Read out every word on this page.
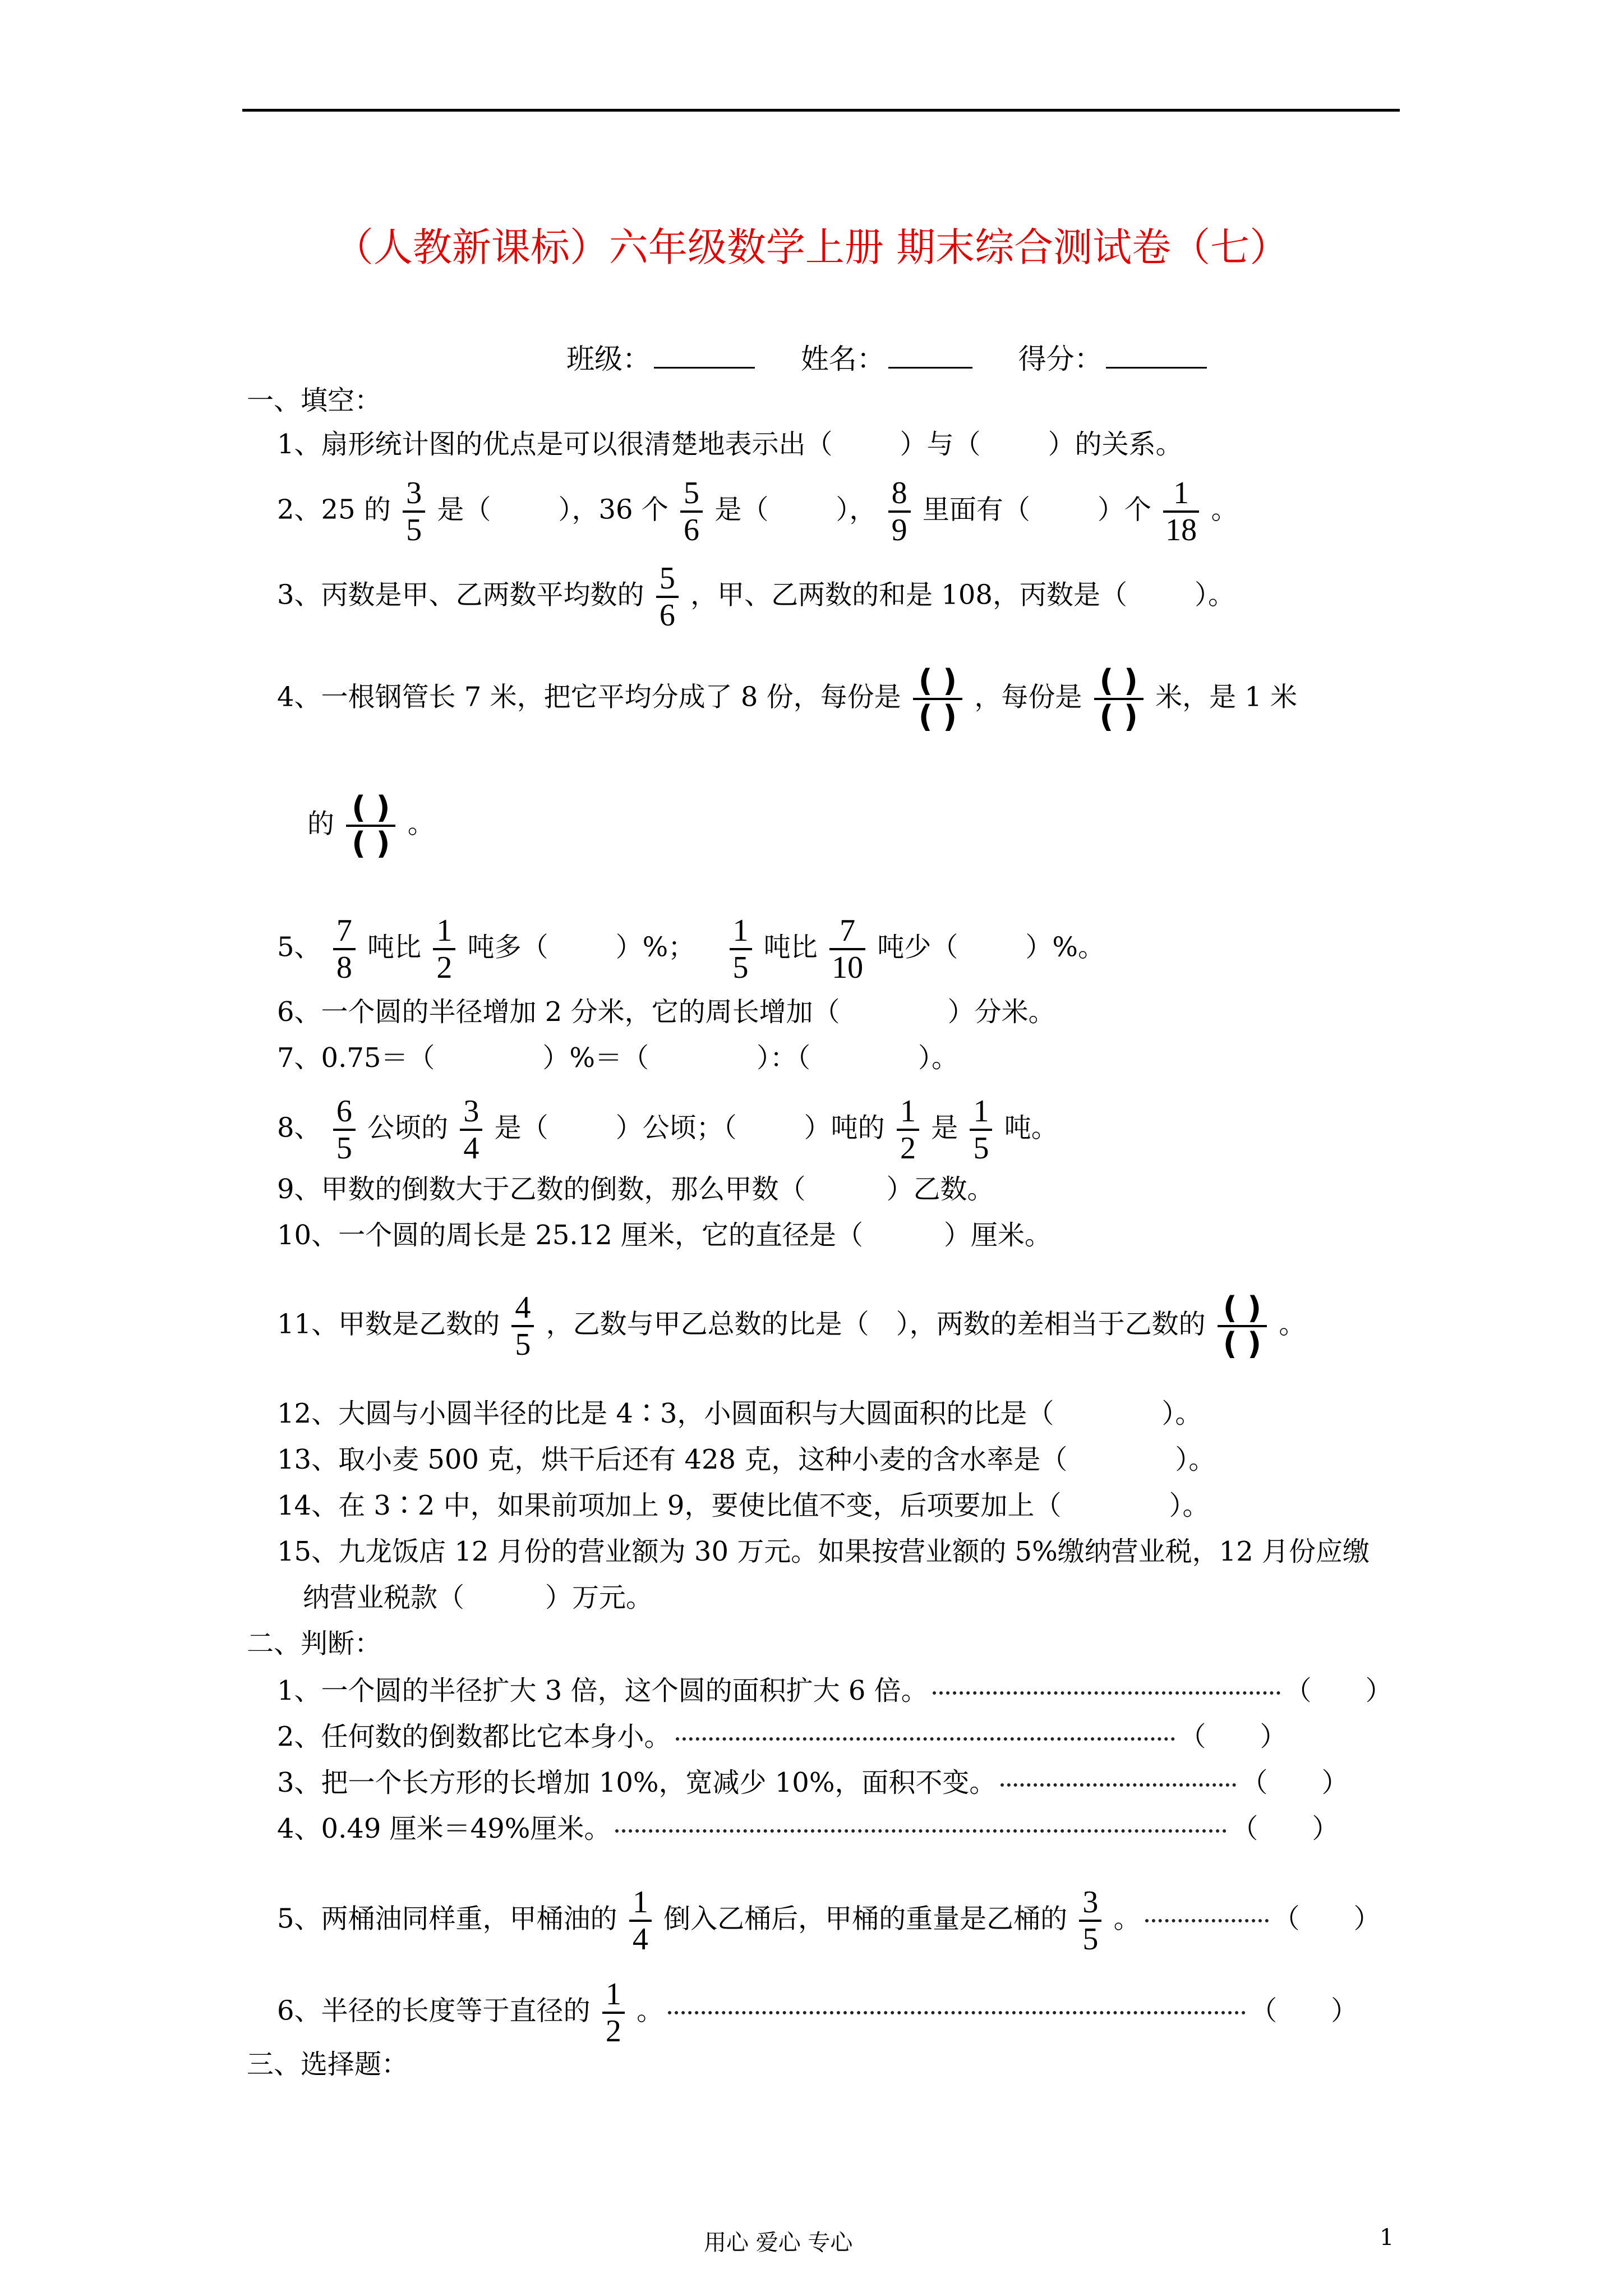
（人教新课标）六年级数学上册 期末综合测试卷（七）
班级：	姓名：	得分：
一、填空：
1、扇形统计图的优点是可以很清楚地表示出（	）与（	）的关系。
2、25 的 $\frac{3}{5}$ 是（	），36 个 $\frac{5}{6}$ 是（	）， $\frac{8}{9}$ 里面有（	）个 $\frac{1}{18}$ 。
3、丙数是甲、乙两数平均数的 $\frac{5}{6}$ ，甲、乙两数的和是 108，丙数是（	）。
4、一根钢管长 7 米，把它平均分成了 8 份，每份是 $\frac{( )}{( )}$ ，每份是 $\frac{( )}{( )}$ 米，是 1 米
的 $\frac{( )}{( )}$ 。
5、 $\frac{7}{8}$ 吨比 $\frac{1}{2}$ 吨多（	）%； $\frac{1}{5}$ 吨比 $\frac{7}{10}$ 吨少（	）%。
6、一个圆的半径增加 2 分米，它的周长增加（　　　　）分米。
7、0.75＝（　　　　）%＝（　　　　）：（　　　　）。
8、 $\frac{6}{5}$ 公顷的 $\frac{3}{4}$ 是（	）公顷；（	）吨的 $\frac{1}{2}$ 是 $\frac{1}{5}$ 吨。
9、甲数的倒数大于乙数的倒数，那么甲数（　　　）乙数。
10、一个圆的周长是 25.12 厘米，它的直径是（　　　）厘米。
11、甲数是乙数的 $\frac{4}{5}$ ，乙数与甲乙总数的比是（　），两数的差相当于乙数的 $\frac{( )}{( )}$ 。
12、大圆与小圆半径的比是 4∶3，小圆面积与大圆面积的比是（　　　　）。
13、取小麦 500 克，烘干后还有 428 克，这种小麦的含水率是（　　　　）。
14、在 3∶2 中，如果前项加上 9，要使比值不变，后项要加上（　　　　）。
15、九龙饭店 12 月份的营业额为 30 万元。如果按营业额的 5%缴纳营业税，12 月份应缴
纳营业税款（　　　）万元。
二、判断：
1、一个圆的半径扩大 3 倍，这个圆的面积扩大 6 倍。	（　　）
2、任何数的倒数都比它本身小。	（　　）
3、把一个长方形的长增加 10%，宽减少 10%，面积不变。	（　　）
4、0.49 厘米＝49%厘米。	（　　）
5、两桶油同样重，甲桶油的 $\frac{1}{4}$ 倒入乙桶后，甲桶的重量是乙桶的 $\frac{3}{5}$ 。	（　　）
6、半径的长度等于直径的 $\frac{1}{2}$ 。	（　　）
三、选择题：
用心 爱心 专心	1
